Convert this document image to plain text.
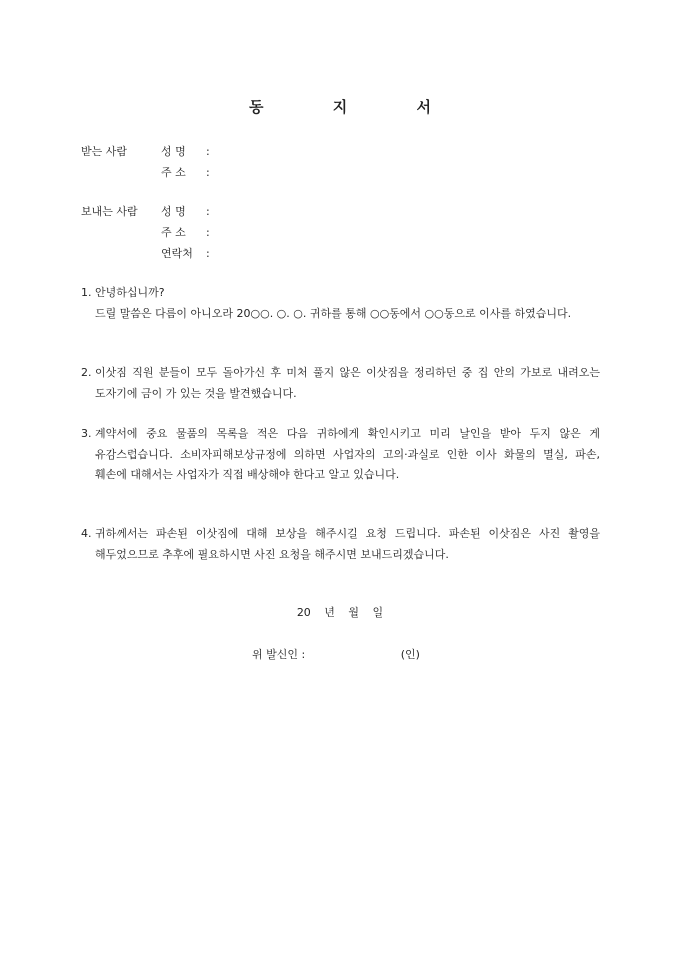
동 지 서
받는 사람	성 명	:
주 소	:
보내는 사람 성 명	:
주 소	:
연락처	:
1. 안녕하십니까?
드릴 말씀은 다름이 아니오라 20○○. ○. ○. 귀하를 통해 ○○동에서 ○○동으로 이사를 하였습니다.
2. 이삿짐 직원 분들이 모두 돌아가신 후 미처 풀지 않은 이삿짐을 정리하던 중 집 안의 가보로 내려오는 도자기에 금이 가 있는 것을 발견했습니다.
3. 계약서에 중요 물품의 목록을 적은 다음 귀하에게 확인시키고 미리 날인을 받아 두지 않은 게 유감스럽습니다. 소비자피해보상규정에 의하면 사업자의 고의·과실로 인한 이사 화물의 멸실, 파손, 훼손에 대해서는 사업자가 직접 배상해야 한다고 알고 있습니다.
4. 귀하께서는 파손된 이삿짐에 대해 보상을 해주시길 요청 드립니다. 파손된 이삿짐은 사진 촬영을 해두었으므로 추후에 필요하시면 사진 요청을 해주시면 보내드리겠습니다.
20 년 월 일
위 발신인 :	(인)
